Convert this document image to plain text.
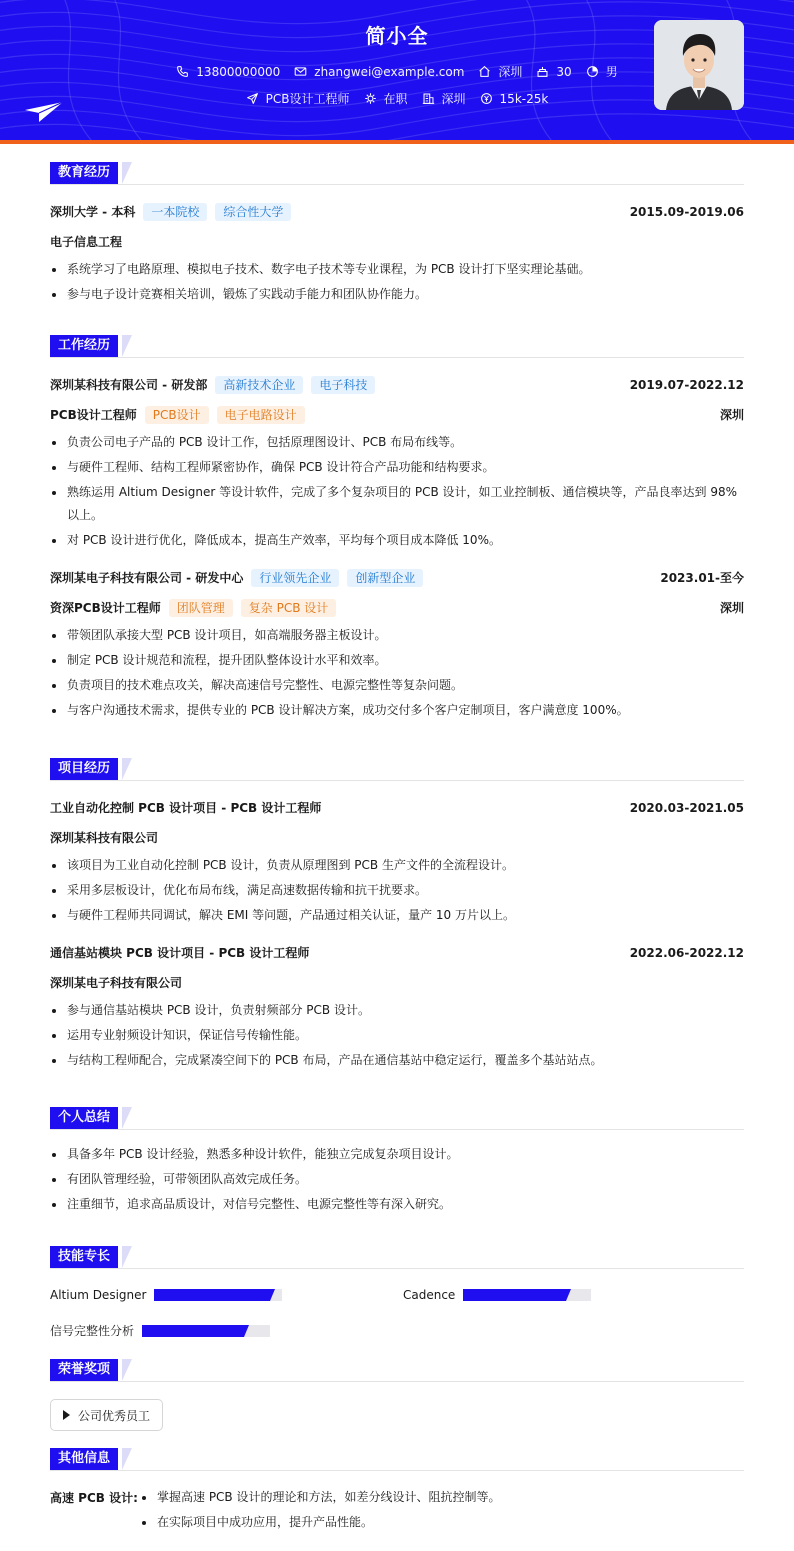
简小全
13800000000	zhangwei@example.com	深圳	30	男
PCB设计工程师	在职	深圳	15k-25k
教育经历
深圳大学 - 本科	一本院校	综合性大学	2015.09-2019.06
电子信息工程
系统学习了电路原理、模拟电子技术、数字电子技术等专业课程，为 PCB 设计打下坚实理论基础。
参与电子设计竞赛相关培训，锻炼了实践动手能力和团队协作能力。
工作经历
深圳某科技有限公司 - 研发部	高新技术企业	电子科技	2019.07-2022.12
PCB设计工程师	PCB设计	电子电路设计	深圳
负责公司电子产品的 PCB 设计工作，包括原理图设计、PCB 布局布线等。
与硬件工程师、结构工程师紧密协作，确保 PCB 设计符合产品功能和结构要求。
熟练运用 Altium Designer 等设计软件，完成了多个复杂项目的 PCB 设计，如工业控制板、通信模块等，产品良率达到 98%以上。
对 PCB 设计进行优化，降低成本，提高生产效率，平均每个项目成本降低 10%。
深圳某电子科技有限公司 - 研发中心	行业领先企业	创新型企业	2023.01-至今
资深PCB设计工程师	团队管理	复杂 PCB 设计	深圳
带领团队承接大型 PCB 设计项目，如高端服务器主板设计。
制定 PCB 设计规范和流程，提升团队整体设计水平和效率。
负责项目的技术难点攻关，解决高速信号完整性、电源完整性等复杂问题。
与客户沟通技术需求，提供专业的 PCB 设计解决方案，成功交付多个客户定制项目，客户满意度 100%。
项目经历
工业自动化控制 PCB 设计项目 - PCB 设计工程师	2020.03-2021.05
深圳某科技有限公司
该项目为工业自动化控制 PCB 设计，负责从原理图到 PCB 生产文件的全流程设计。
采用多层板设计，优化布局布线，满足高速数据传输和抗干扰要求。
与硬件工程师共同调试，解决 EMI 等问题，产品通过相关认证，量产 10 万片以上。
通信基站模块 PCB 设计项目 - PCB 设计工程师	2022.06-2022.12
深圳某电子科技有限公司
参与通信基站模块 PCB 设计，负责射频部分 PCB 设计。
运用专业射频设计知识，保证信号传输性能。
与结构工程师配合，完成紧凑空间下的 PCB 布局，产品在通信基站中稳定运行，覆盖多个基站站点。
个人总结
具备多年 PCB 设计经验，熟悉多种设计软件，能独立完成复杂项目设计。
有团队管理经验，可带领团队高效完成任务。
注重细节，追求高品质设计，对信号完整性、电源完整性等有深入研究。
技能专长
Altium Designer	Cadence
信号完整性分析
荣誉奖项
公司优秀员工
其他信息
高速 PCB 设计:	掌握高速 PCB 设计的理论和方法，如差分线设计、阻抗控制等。
在实际项目中成功应用，提升产品性能。
